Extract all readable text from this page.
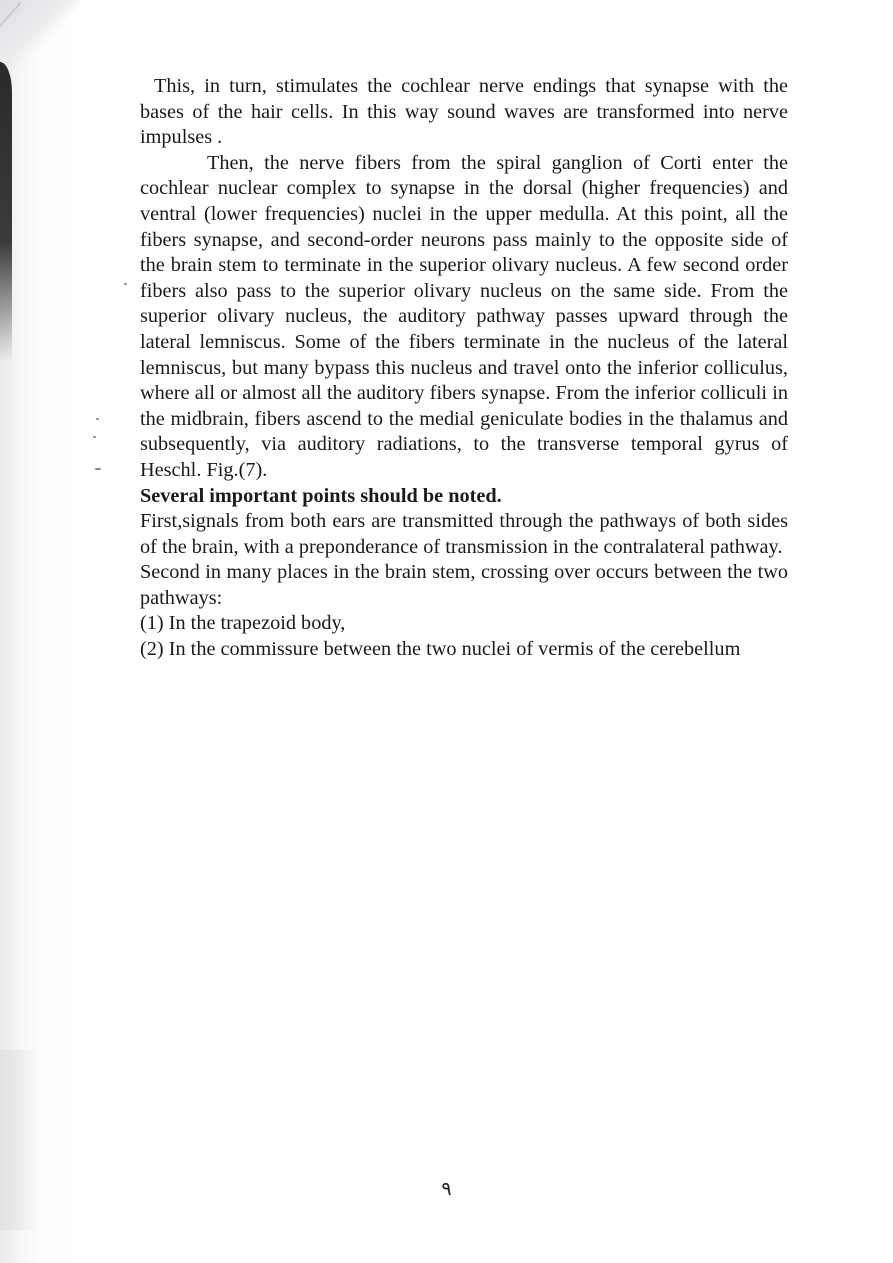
This, in turn, stimulates the cochlear nerve endings that synapse with the bases of the hair cells. In this way sound waves are transformed into nerve impulses .

Then, the nerve fibers from the spiral ganglion of Corti enter the cochlear nuclear complex to synapse in the dorsal (higher frequencies) and ventral (lower frequencies) nuclei in the upper medulla. At this point, all the fibers synapse, and second-order neurons pass mainly to the opposite side of the brain stem to terminate in the superior olivary nucleus. A few second order fibers also pass to the superior olivary nucleus on the same side. From the superior olivary nucleus, the auditory pathway passes upward through the lateral lemniscus. Some of the fibers terminate in the nucleus of the lateral lemniscus, but many bypass this nucleus and travel onto the inferior colliculus, where all or almost all the auditory fibers synapse. From the inferior colliculi in the midbrain, fibers ascend to the medial geniculate bodies in the thalamus and subsequently, via auditory radiations, to the transverse temporal gyrus of Heschl. Fig.(7).

Several important points should be noted.

First,signals from both ears are transmitted through the pathways of both sides of the brain, with a preponderance of transmission in the contralateral pathway.

Second in many places in the brain stem, crossing over occurs between the two pathways:

(1) In the trapezoid body,

(2) In the commissure between the two nuclei of vermis of the cerebellum

٩
